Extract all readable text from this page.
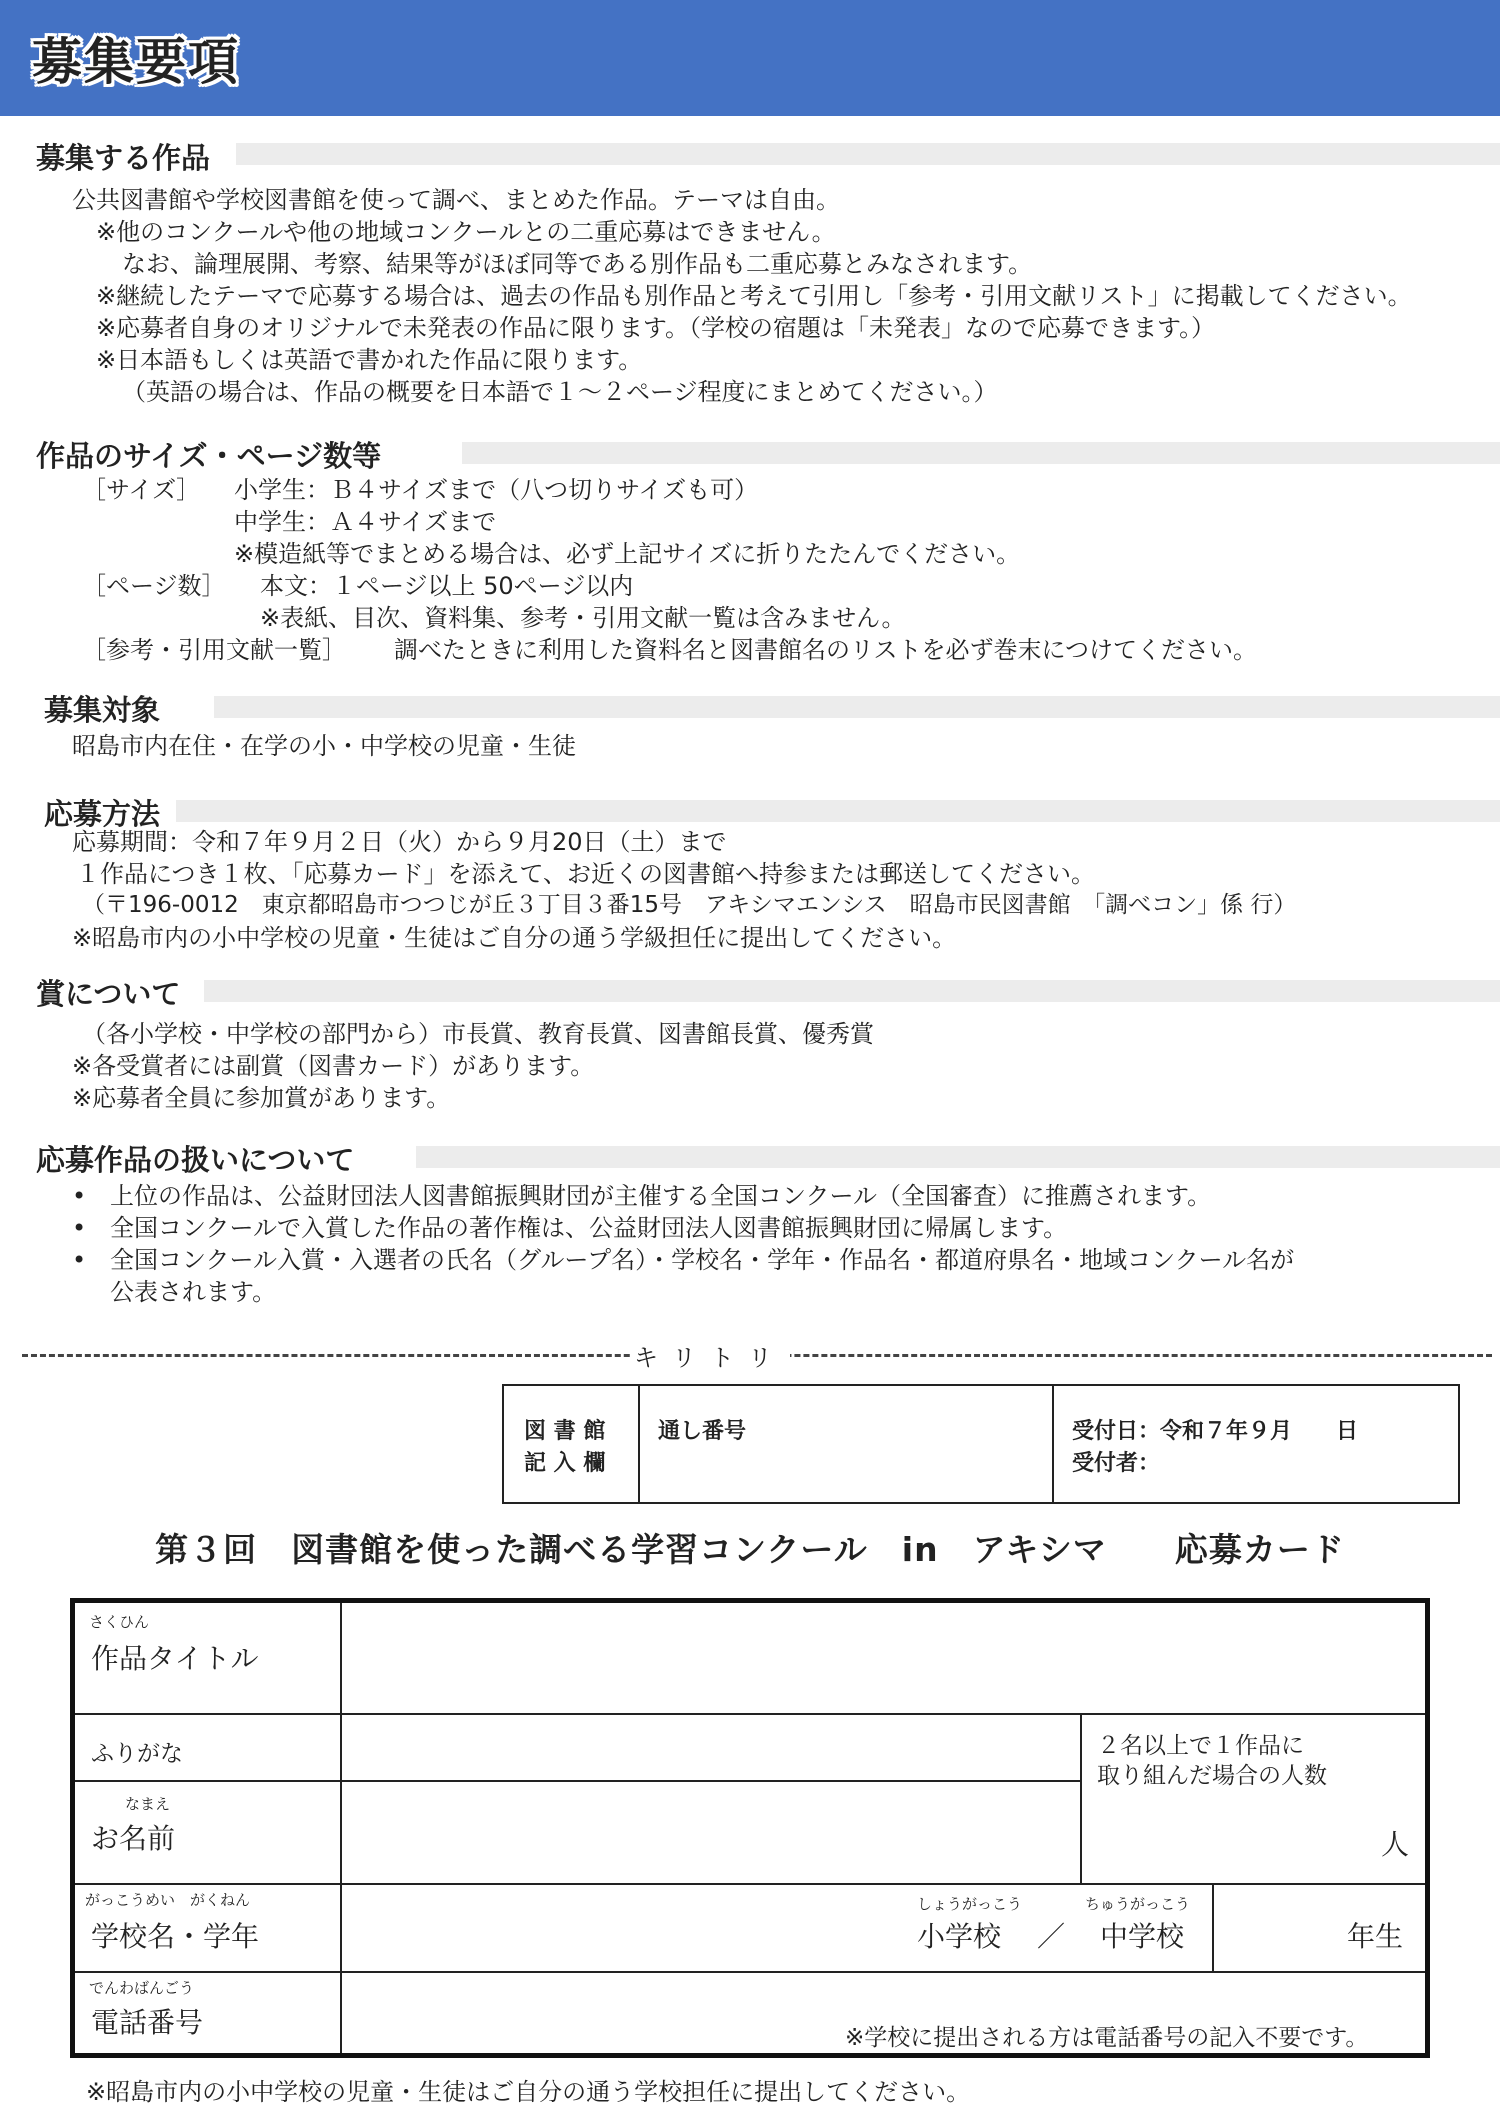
募集要項
募集する作品
公共図書館や学校図書館を使って調べ、まとめた作品。テーマは自由。
※他のコンクールや他の地域コンクールとの二重応募はできません。
なお、論理展開、考察、結果等がほぼ同等である別作品も二重応募とみなされます。
※継続したテーマで応募する場合は、過去の作品も別作品と考えて引用し「参考・引用文献リスト」に掲載してください。
※応募者自身のオリジナルで未発表の作品に限ります。（学校の宿題は「未発表」なので応募できます。）
※日本語もしくは英語で書かれた作品に限ります。
（英語の場合は、作品の概要を日本語で１～２ページ程度にまとめてください。）
作品のサイズ・ページ数等
［サイズ］ 小学生：Ｂ４サイズまで（八つ切りサイズも可）
中学生：Ａ４サイズまで
※模造紙等でまとめる場合は、必ず上記サイズに折りたたんでください。
［ページ数］ 本文：１ページ以上 50ページ以内
※表紙、目次、資料集、参考・引用文献一覧は含みません。
［参考・引用文献一覧］ 調べたときに利用した資料名と図書館名のリストを必ず巻末につけてください。
募集対象
昭島市内在住・在学の小・中学校の児童・生徒
応募方法
応募期間：令和７年９月２日（火）から９月20日（土）まで
１作品につき１枚、「応募カード」を添えて、お近くの図書館へ持参または郵送してください。
（〒196-0012　東京都昭島市つつじが丘３丁目３番15号　アキシマエンシス　昭島市民図書館　「調べコン」係 行）
※昭島市内の小中学校の児童・生徒はご自分の通う学級担任に提出してください。
賞について
（各小学校・中学校の部門から）市長賞、教育長賞、図書館長賞、優秀賞
※各受賞者には副賞（図書カード）があります。
※応募者全員に参加賞があります。
応募作品の扱いについて
• 上位の作品は、公益財団法人図書館振興財団が主催する全国コンクール（全国審査）に推薦されます。
• 全国コンクールで入賞した作品の著作権は、公益財団法人図書館振興財団に帰属します。
• 全国コンクール入賞・入選者の氏名（グループ名）・学校名・学年・作品名・都道府県名・地域コンクール名が
公表されます。
キリトリ
図 書 館
記 入 欄
通し番号	受付日：令和７年９月　　日
受付者：
第３回　図書館を使った調べる学習コンクール　in　アキシマ　　応募カード
さくひん
作品タイトル
ふりがな	２名以上で１作品に
取り組んだ場合の人数
人
なまえ
お名前
がっこうめい　がくねん
学校名・学年
しょうがっこう
小学校 ／
ちゅうがっこう
中学校	年生
でんわばんごう
電話番号	※学校に提出される方は電話番号の記入不要です。
※昭島市内の小中学校の児童・生徒はご自分の通う学校担任に提出してください。
